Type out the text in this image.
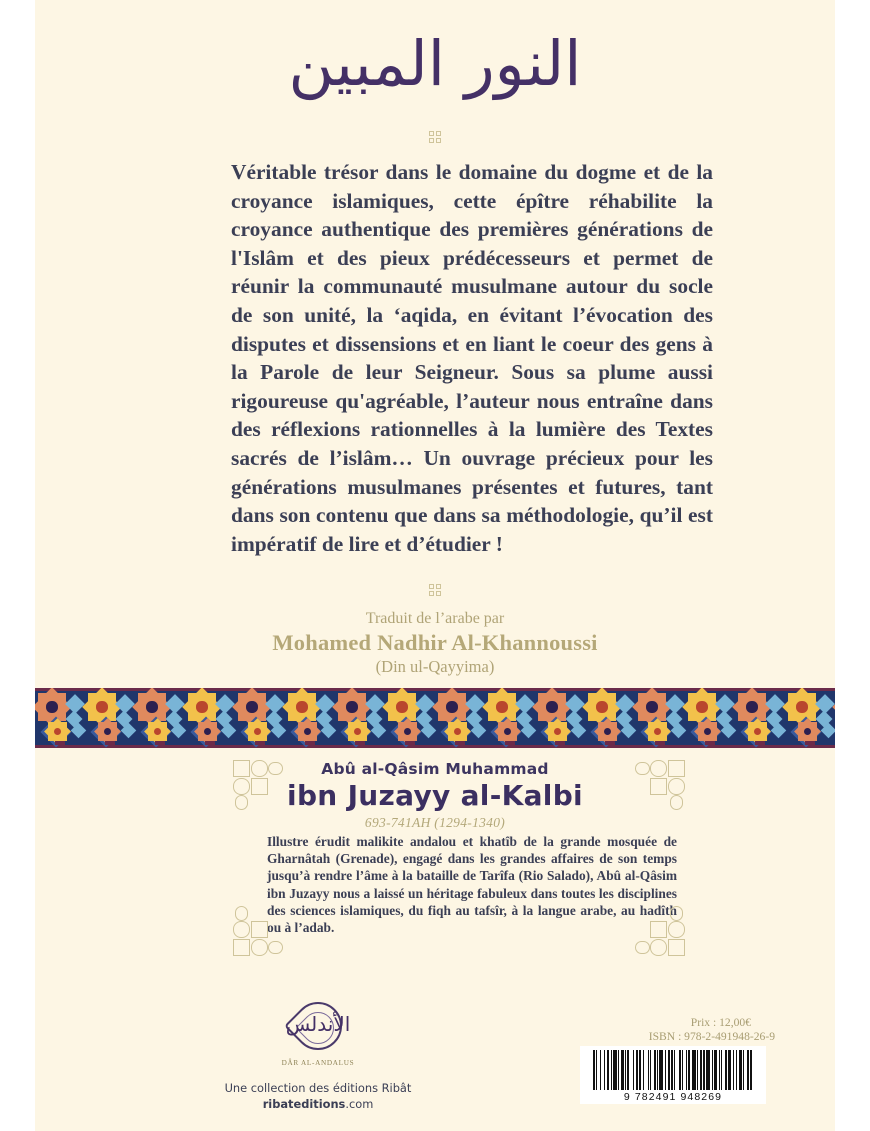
النور المبين
Véritable trésor dans le domaine du dogme et de la croyance islamiques, cette épître réhabilite la croyance authentique des premières générations de l'Islâm et des pieux prédécesseurs et permet de réunir la communauté musulmane autour du socle de son unité, la ‘aqida, en évitant l’évocation des disputes et dissensions et en liant le coeur des gens à la Parole de leur Seigneur. Sous sa plume aussi rigoureuse qu'agréable, l’auteur nous entraîne dans des réflexions rationnelles à la lumière des Textes sacrés de l’islâm… Un ouvrage précieux pour les générations musulmanes présentes et futures, tant dans son contenu que dans sa méthodologie, qu’il est impératif de lire et d’étudier !
Traduit de l’arabe par
Mohamed Nadhir Al-Khannoussi
(Din ul-Qayyima)
Abû al-Qâsim Muhammad
ibn Juzayy al-Kalbi
693-741AH (1294-1340)
Illustre érudit malikite andalou et khatîb de la grande mosquée de Gharnâtah (Grenade), engagé dans les grandes affaires de son temps jusqu’à rendre l’âme à la bataille de Tarîfa (Rio Salado), Abû al-Qâsim ibn Juzayy nous a laissé un héritage fabuleux dans toutes les disciplines des sciences islamiques, du fiqh au tafsîr, à la langue arabe, au hadîth ou à l’adab.
الأندلس
DÂR AL-ANDALUS
Une collection des éditions Ribât
ribateditions.com
Prix : 12,00€
ISBN : 978-2-491948-26-9
9 782491 948269
